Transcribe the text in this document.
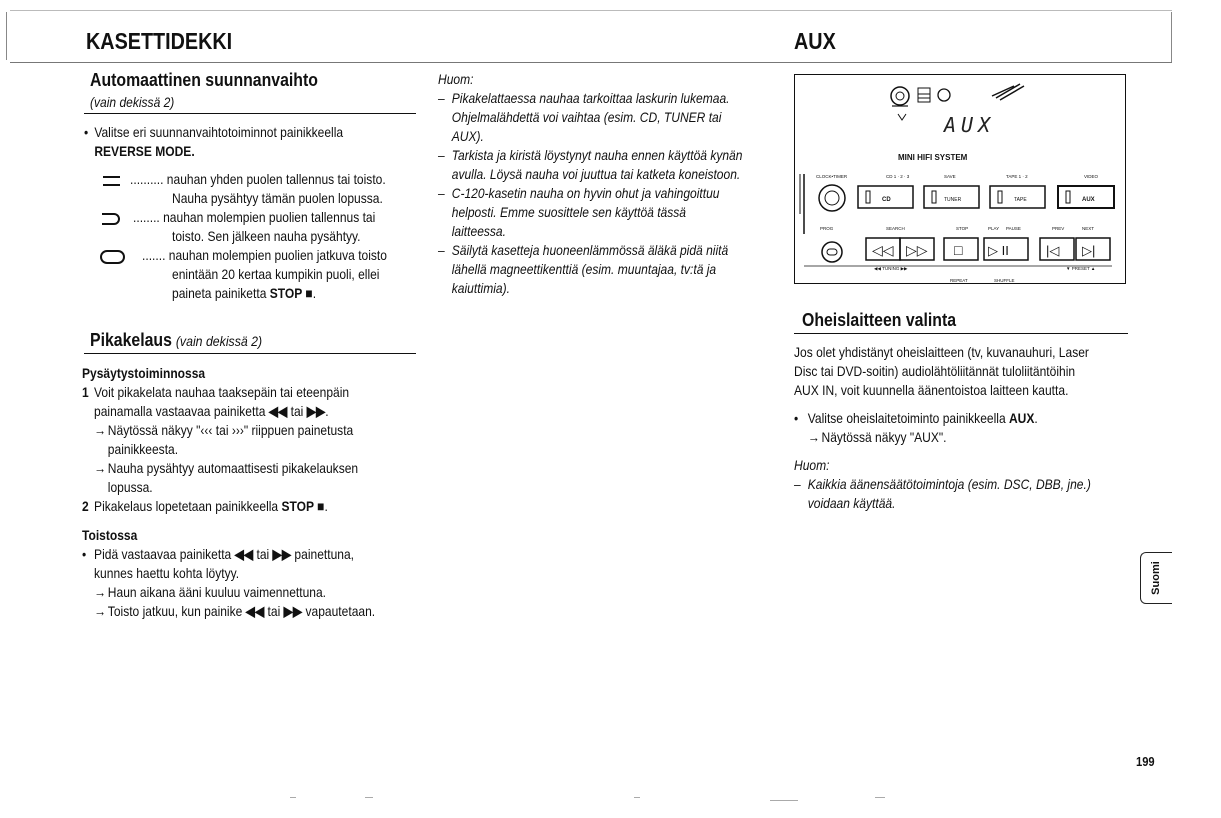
KASETTIDEKKI	AUX
Automaattinen suunnanvaihto
(vain dekissä 2)
• Valitse eri suunnanvaihtotoiminnot painikkeella
REVERSE MODE.
.......... nauhan yhden puolen tallennus tai toisto.
Nauha pysähtyy tämän puolen lopussa.
........ nauhan molempien puolien tallennus tai
toisto. Sen jälkeen nauha pysähtyy.
....... nauhan molempien puolien jatkuva toisto
enintään 20 kertaa kumpikin puoli, ellei
paineta painiketta STOP ■.
Pikakelaus (vain dekissä 2)
Pysäytystoiminnossa
1 Voit pikakelata nauhaa taaksepäin tai eteenpäin
painamalla vastaavaa painiketta ◀◀ tai ▶▶.
→ Näytössä näkyy "‹‹‹ tai ›››" riippuen painetusta
painikkeesta.
→ Nauha pysähtyy automaattisesti pikakelauksen
lopussa.
2 Pikakelaus lopetetaan painikkeella STOP ■.
Toistossa
• Pidä vastaavaa painiketta ◀◀ tai ▶▶ painettuna,
kunnes haettu kohta löytyy.
→ Haun aikana ääni kuuluu vaimennettuna.
→ Toisto jatkuu, kun painike ◀◀ tai ▶▶ vapautetaan.
Huom:
– Pikakelattaessa nauhaa tarkoittaa laskurin lukemaa.
Ohjelmalähdettä voi vaihtaa (esim. CD, TUNER tai
AUX).
– Tarkista ja kiristä löystynyt nauha ennen käyttöä kynän
avulla. Löysä nauha voi juuttua tai katketa koneistoon.
– C-120-kasetin nauha on hyvin ohut ja vahingoittuu
helposti. Emme suosittele sen käyttöä tässä
laitteessa.
– Säilytä kasetteja huoneenlämmössä äläkä pidä niitä
lähellä magneettikenttiä (esim. muuntajaa, tv:tä ja
kaiuttimia).
AUX
MINI HIFI SYSTEM
CLOCK•TIMER	CD 1 · 2 · 3	SAVE	TAPE 1 · 2	VIDEO
CD	TUNER	TAPE	AUX
PROG	SEARCH	STOP	PLAY PAUSE	PREV	NEXT
◁◁ ▷▷ □ ▷ II	|◁ ▷|
◀◀ TUNING ▶▶	▼ PRESET ▲
REPEAT	SHUFFLE
Oheislaitteen valinta
Jos olet yhdistänyt oheislaitteen (tv, kuvanauhuri, Laser
Disc tai DVD-soitin) audiolähtöliitännät tuloliitäntöihin
AUX IN, voit kuunnella äänentoistoa laitteen kautta.
• Valitse oheislaitetoiminto painikkeella AUX.
→ Näytössä näkyy "AUX".
Huom:
– Kaikkia äänensäätötoimintoja (esim. DSC, DBB, jne.)
voidaan käyttää.
Suomi
199
